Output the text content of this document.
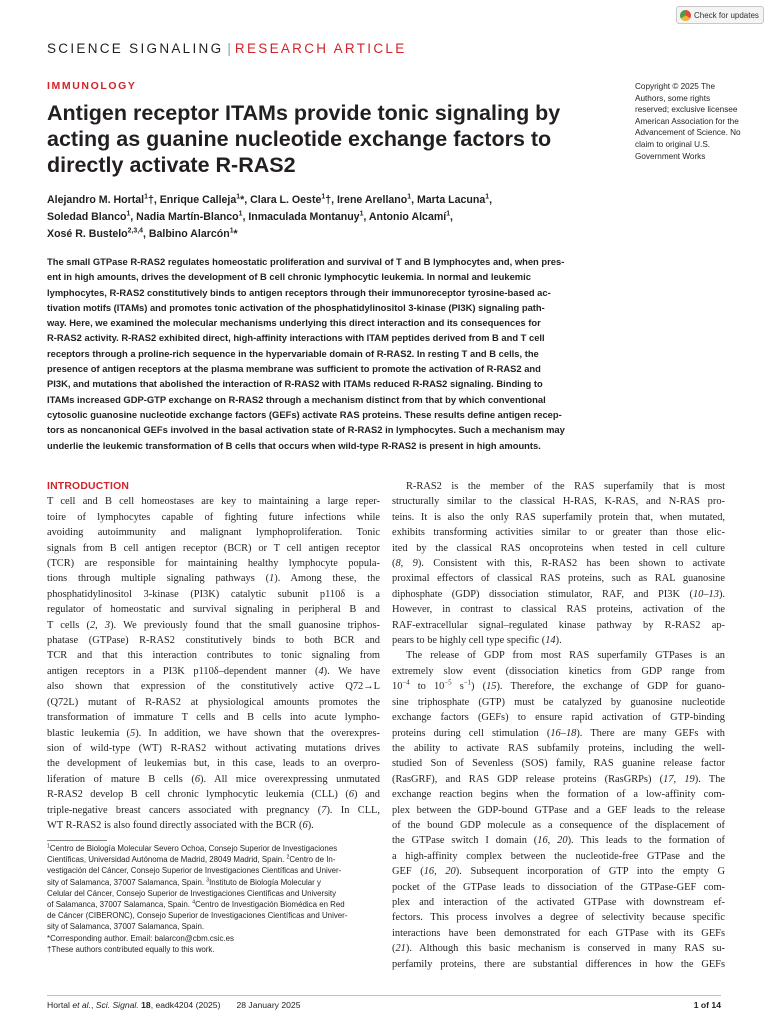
Check for updates
SCIENCE SIGNALING | RESEARCH ARTICLE
IMMUNOLOGY
Antigen receptor ITAMs provide tonic signaling by
acting as guanine nucleotide exchange factors to
directly activate R-RAS2
Alejandro M. Hortal$^1$†, Enrique Calleja$^1$*, Clara L. Oeste$^1$†, Irene Arellano$^1$, Marta Lacuna$^1$,
Soledad Blanco$^1$, Nadia Martín-Blanco$^1$, Inmaculada Montanuy$^1$, Antonio Alcamí$^1$,
Xosé R. Bustelo$^{2,3,4}$, Balbino Alarcón$^1$*
Copyright © 2025 The Authors, some rights reserved; exclusive licensee American Association for the Advancement of Science. No claim to original U.S. Government Works
The small GTPase R-RAS2 regulates homeostatic proliferation and survival of T and B lymphocytes and, when pres-
ent in high amounts, drives the development of B cell chronic lymphocytic leukemia. In normal and leukemic
lymphocytes, R-RAS2 constitutively binds to antigen receptors through their immunoreceptor tyrosine-based ac-
tivation motifs (ITAMs) and promotes tonic activation of the phosphatidylinositol 3-kinase (PI3K) signaling path-
way. Here, we examined the molecular mechanisms underlying this direct interaction and its consequences for
R-RAS2 activity. R-RAS2 exhibited direct, high-affinity interactions with ITAM peptides derived from B and T cell
receptors through a proline-rich sequence in the hypervariable domain of R-RAS2. In resting T and B cells, the
presence of antigen receptors at the plasma membrane was sufficient to promote the activation of R-RAS2 and
PI3K, and mutations that abolished the interaction of R-RAS2 with ITAMs reduced R-RAS2 signaling. Binding to
ITAMs increased GDP-GTP exchange on R-RAS2 through a mechanism distinct from that by which conventional
cytosolic guanosine nucleotide exchange factors (GEFs) activate RAS proteins. These results define antigen recep-
tors as noncanonical GEFs involved in the basal activation state of R-RAS2 in lymphocytes. Such a mechanism may
underlie the leukemic transformation of B cells that occurs when wild-type R-RAS2 is present in high amounts.
INTRODUCTION
T cell and B cell homeostases are key to maintaining a large reper-
toire of lymphocytes capable of fighting future infections while
avoiding autoimmunity and malignant lymphoproliferation. Tonic
signals from B cell antigen receptor (BCR) or T cell antigen receptor
(TCR) are responsible for maintaining healthy lymphocyte popula-
tions through multiple signaling pathways (1). Among these, the
phosphatidylinositol 3-kinase (PI3K) catalytic subunit p110δ is a
regulator of homeostatic and survival signaling in peripheral B and
T cells (2, 3). We previously found that the small guanosine triphos-
phatase (GTPase) R-RAS2 constitutively binds to both BCR and
TCR and that this interaction contributes to tonic signaling from
antigen receptors in a PI3K p110δ–dependent manner (4). We have
also shown that expression of the constitutively active Q72→L
(Q72L) mutant of R-RAS2 at physiological amounts promotes the
transformation of immature T cells and B cells into acute lympho-
blastic leukemia (5). In addition, we have shown that the overexpres-
sion of wild-type (WT) R-RAS2 without activating mutations drives
the development of leukemias but, in this case, leads to an overpro-
liferation of mature B cells (6). All mice overexpressing unmutated
R-RAS2 develop B cell chronic lymphocytic leukemia (CLL) (6) and
triple-negative breast cancers associated with pregnancy (7). In CLL,
WT R-RAS2 is also found directly associated with the BCR (6).
R-RAS2 is the member of the RAS superfamily that is most
structurally similar to the classical H-RAS, K-RAS, and N-RAS pro-
teins. It is also the only RAS superfamily protein that, when mutated,
exhibits transforming activities similar to or greater than those elic-
ited by the classical RAS oncoproteins when tested in cell culture
(8, 9). Consistent with this, R-RAS2 has been shown to activate
proximal effectors of classical RAS proteins, such as RAL guanosine
diphosphate (GDP) dissociation stimulator, RAF, and PI3K (10–13).
However, in contrast to classical RAS proteins, activation of the
RAF-extracellular signal–regulated kinase pathway by R-RAS2 ap-
pears to be highly cell type specific (14).
The release of GDP from most RAS superfamily GTPases is an
extremely slow event (dissociation kinetics from GDP range from
$10^{-4}$ to $10^{-5}$ $s^{-1}$) (15). Therefore, the exchange of GDP for guano-
sine triphosphate (GTP) must be catalyzed by guanosine nucleotide
exchange factors (GEFs) to ensure rapid activation of GTP-binding
proteins during cell stimulation (16–18). There are many GEFs with
the ability to activate RAS subfamily proteins, including the well-
studied Son of Sevenless (SOS) family, RAS guanine release factor
(RasGRF), and RAS GDP release proteins (RasGRPs) (17, 19). The
exchange reaction begins when the formation of a low-affinity com-
plex between the GDP-bound GTPase and a GEF leads to the release
of the bound GDP molecule as a consequence of the displacement of
the GTPase switch I domain (16, 20). This leads to the formation of
a high-affinity complex between the nucleotide-free GTPase and the
GEF (16, 20). Subsequent incorporation of GTP into the empty G
pocket of the GTPase leads to dissociation of the GTPase-GEF com-
plex and interaction of the activated GTPase with downstream ef-
fectors. This process involves a degree of selectivity because specific
interactions have been demonstrated for each GTPase with its GEFs
(21). Although this basic mechanism is conserved in many RAS su-
perfamily proteins, there are substantial differences in how the GEFs
$^1$Centro de Biología Molecular Severo Ochoa, Consejo Superior de Investigaciones
Científicas, Universidad Autónoma de Madrid, 28049 Madrid, Spain. $^2$Centro de In-
vestigación del Cáncer, Consejo Superior de Investigaciones Científicas and Univer-
sity of Salamanca, 37007 Salamanca, Spain. $^3$Instituto de Biología Molecular y
Celular del Cáncer, Consejo Superior de Investigaciones Científicas and University
of Salamanca, 37007 Salamanca, Spain. $^4$Centro de Investigación Biomédica en Red
de Cáncer (CIBERONC), Consejo Superior de Investigaciones Científicas and Univer-
sity of Salamanca, 37007 Salamanca, Spain.
*Corresponding author. Email: balarcon@cbm.csic.es
†These authors contributed equally to this work.
Hortal et al., Sci. Signal. 18, eadk4204 (2025) 28 January 2025	1 of 14
